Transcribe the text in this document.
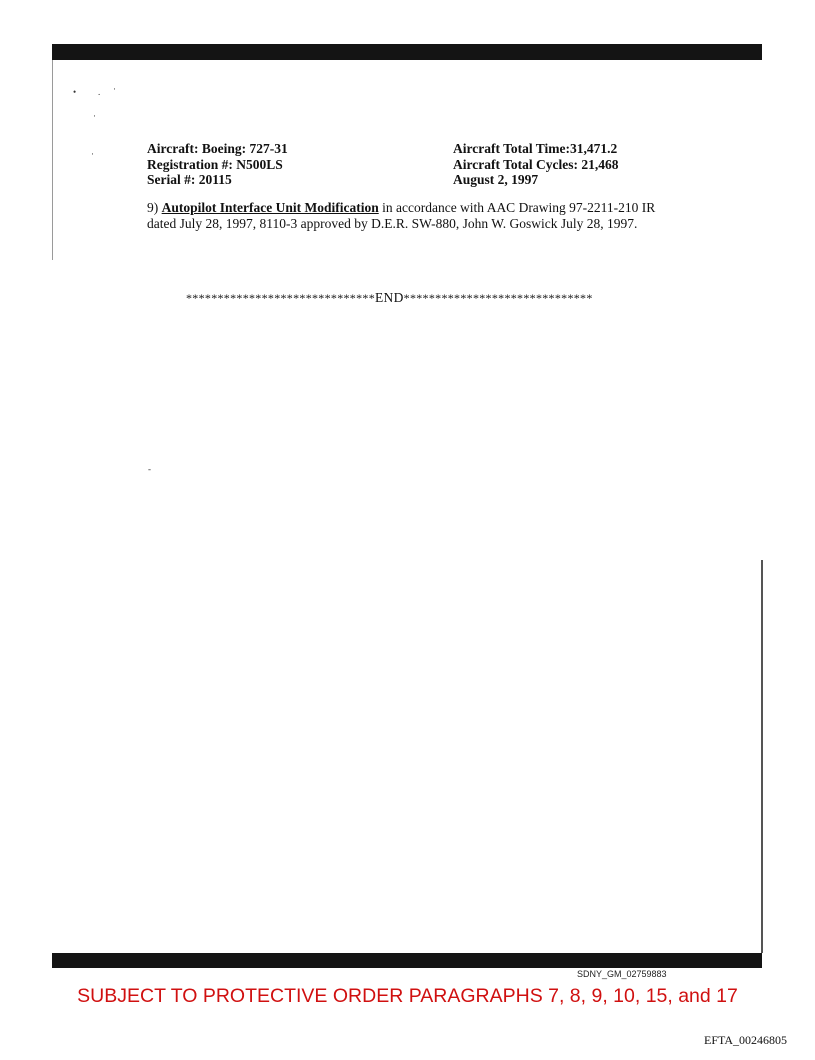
• . ·
·
·
-
Aircraft: Boeing: 727-31
Registration #: N500LS
Serial #: 20115
Aircraft Total Time:31,471.2
Aircraft Total Cycles: 21,468
August 2, 1997
9) Autopilot Interface Unit Modification in accordance with AAC Drawing 97-2211-210 IR dated July 28, 1997, 8110-3 approved by D.E.R. SW-880, John W. Goswick July 28, 1997.
******************************END******************************
SDNY_GM_02759883
SUBJECT TO PROTECTIVE ORDER PARAGRAPHS 7, 8, 9, 10, 15, and 17
EFTA_00246805
